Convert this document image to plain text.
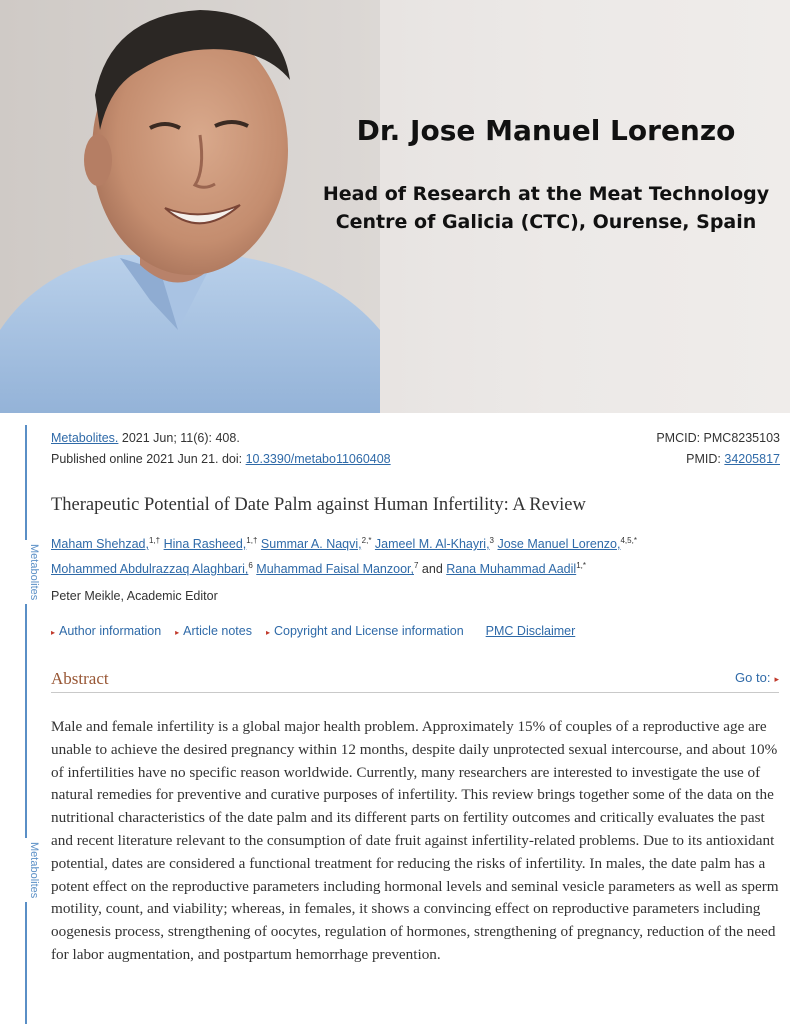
Dr. Jose Manuel Lorenzo
Head of Research at the Meat Technology
Centre of Galicia (CTC), Ourense, Spain
Metabolites
Metabolites
Metabolites. 2021 Jun; 11(6): 408.
Published online 2021 Jun 21. doi: 10.3390/metabo11060408
PMCID: PMC8235103
PMID: 34205817
Therapeutic Potential of Date Palm against Human Infertility: A Review
Maham Shehzad,$^{1,\dagger}$ Hina Rasheed,$^{1,\dagger}$ Summar A. Naqvi,$^{2,*}$ Jameel M. Al-Khayri,$^3$ Jose Manuel Lorenzo,$^{4,5,*}$
Mohammed Abdulrazzaq Alaghbari,$^6$ Muhammad Faisal Manzoor,$^7$ and Rana Muhammad Aadil$^{1,*}$
Peter Meikle, Academic Editor
▸ Author information ▸ Article notes ▸ Copyright and License information PMC Disclaimer
Abstract	Go to: ▸
Male and female infertility is a global major health problem. Approximately 15% of couples of a reproductive age are unable to achieve the desired pregnancy within 12 months, despite daily unprotected sexual intercourse, and about 10% of infertilities have no specific reason worldwide. Currently, many researchers are interested to investigate the use of natural remedies for preventive and curative purposes of infertility. This review brings together some of the data on the nutritional characteristics of the date palm and its different parts on fertility outcomes and critically evaluates the past and recent literature relevant to the consumption of date fruit against infertility-related problems. Due to its antioxidant potential, dates are considered a functional treatment for reducing the risks of infertility. In males, the date palm has a potent effect on the reproductive parameters including hormonal levels and seminal vesicle parameters as well as sperm motility, count, and viability; whereas, in females, it shows a convincing effect on reproductive parameters including oogenesis process, strengthening of oocytes, regulation of hormones, strengthening of pregnancy, reduction of the need for labor augmentation, and postpartum hemorrhage prevention.
